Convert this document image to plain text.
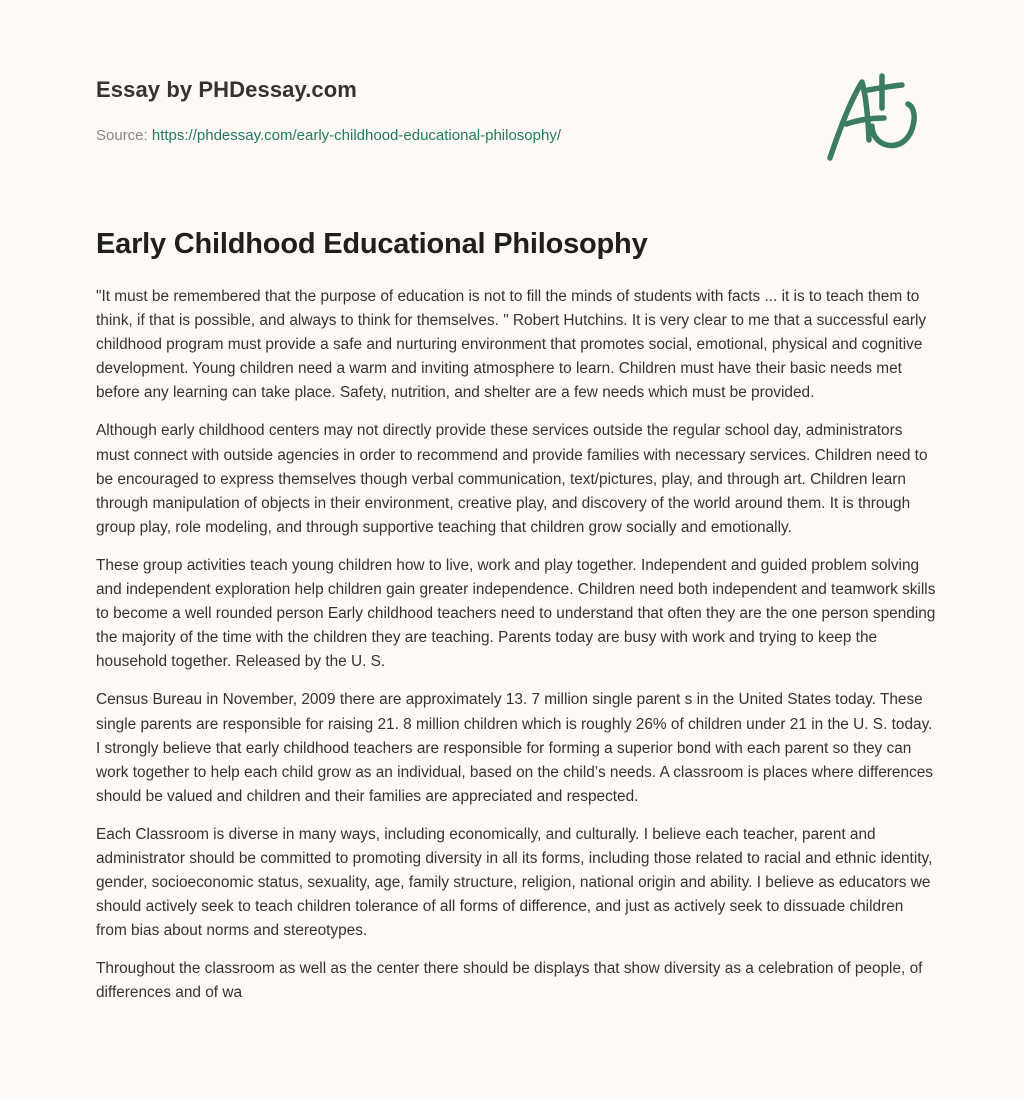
Essay by PHDessay.com
Source: https://phdessay.com/early-childhood-educational-philosophy/
Early Childhood Educational Philosophy

"It must be remembered that the purpose of education is not to fill the minds of students with facts ... it is to teach them to think, if that is possible, and always to think for themselves. " Robert Hutchins. It is very clear to me that a successful early childhood program must provide a safe and nurturing environment that promotes social, emotional, physical and cognitive development. Young children need a warm and inviting atmosphere to learn. Children must have their basic needs met before any learning can take place. Safety, nutrition, and shelter are a few needs which must be provided.

Although early childhood centers may not directly provide these services outside the regular school day, administrators must connect with outside agencies in order to recommend and provide families with necessary services. Children need to be encouraged to express themselves though verbal communication, text/pictures, play, and through art. Children learn through manipulation of objects in their environment, creative play, and discovery of the world around them. It is through group play, role modeling, and through supportive teaching that children grow socially and emotionally.

These group activities teach young children how to live, work and play together. Independent and guided problem solving and independent exploration help children gain greater independence. Children need both independent and teamwork skills to become a well rounded person Early childhood teachers need to understand that often they are the one person spending the majority of the time with the children they are teaching. Parents today are busy with work and trying to keep the household together. Released by the U. S.

Census Bureau in November, 2009 there are approximately 13. 7 million single parent s in the United States today. These single parents are responsible for raising 21. 8 million children which is roughly 26% of children under 21 in the U. S. today. I strongly believe that early childhood teachers are responsible for forming a superior bond with each parent so they can work together to help each child grow as an individual, based on the child’s needs. A classroom is places where differences should be valued and children and their families are appreciated and respected.

Each Classroom is diverse in many ways, including economically, and culturally. I believe each teacher, parent and administrator should be committed to promoting diversity in all its forms, including those related to racial and ethnic identity, gender, socioeconomic status, sexuality, age, family structure, religion, national origin and ability. I believe as educators we should actively seek to teach children tolerance of all forms of difference, and just as actively seek to dissuade children from bias about norms and stereotypes.

Throughout the classroom as well as the center there should be displays that show diversity as a celebration of people, of differences and of wa
